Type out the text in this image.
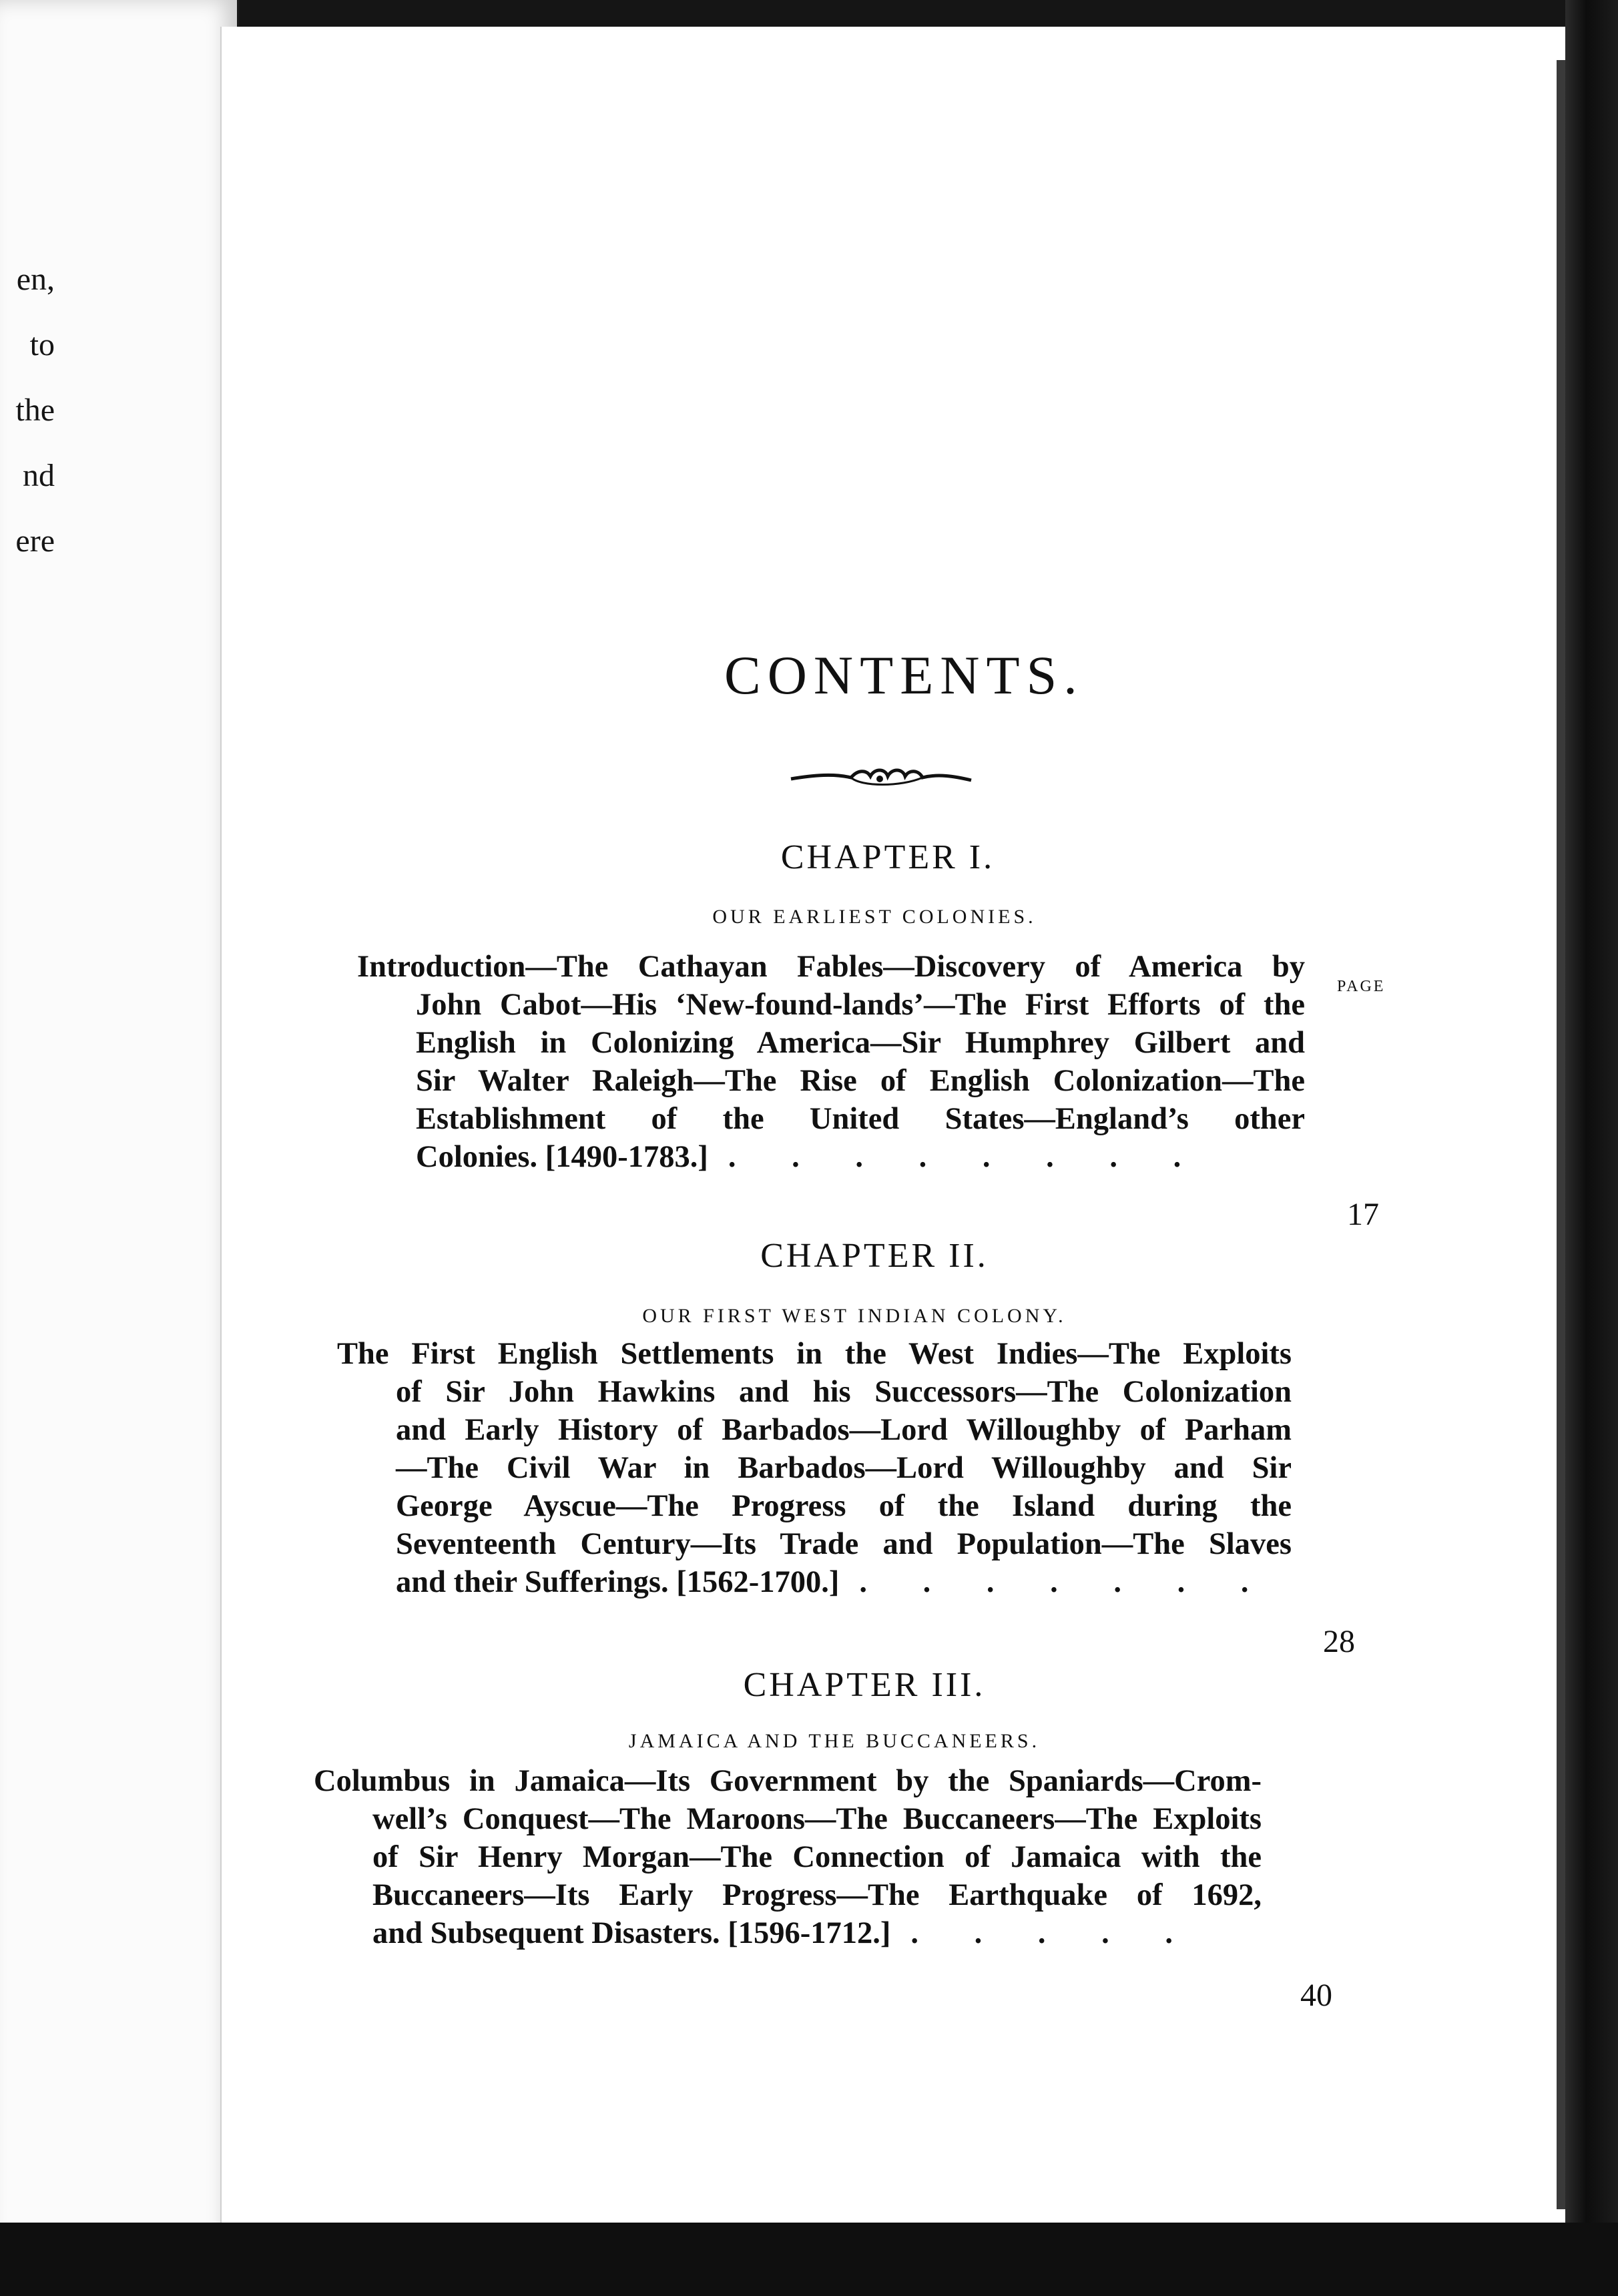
en,
to
the
nd
ere
CONTENTS.
CHAPTER I.
OUR EARLIEST COLONIES.
PAGE
Introduction—The Cathayan Fables—Discovery of America by
John Cabot—His ‘New-found-lands’—The First Efforts of the
English in Colonizing America—Sir Humphrey Gilbert and
Sir Walter Raleigh—The Rise of English Colonization—The
Establishment of the United States—England’s other
Colonies. [1490-1783.] . . . . . . . .
17
CHAPTER II.
OUR FIRST WEST INDIAN COLONY.
The First English Settlements in the West Indies—The Exploits
of Sir John Hawkins and his Successors—The Colonization
and Early History of Barbados—Lord Willoughby of Parham
—The Civil War in Barbados—Lord Willoughby and Sir
George Ayscue—The Progress of the Island during the
Seventeenth Century—Its Trade and Population—The Slaves
and their Sufferings. [1562-1700.] . . . . . . .
28
CHAPTER III.
JAMAICA AND THE BUCCANEERS.
Columbus in Jamaica—Its Government by the Spaniards—Crom-
well’s Conquest—The Maroons—The Buccaneers—The Exploits
of Sir Henry Morgan—The Connection of Jamaica with the
Buccaneers—Its Early Progress—The Earthquake of 1692,
and Subsequent Disasters. [1596-1712.] . . . . .
40
